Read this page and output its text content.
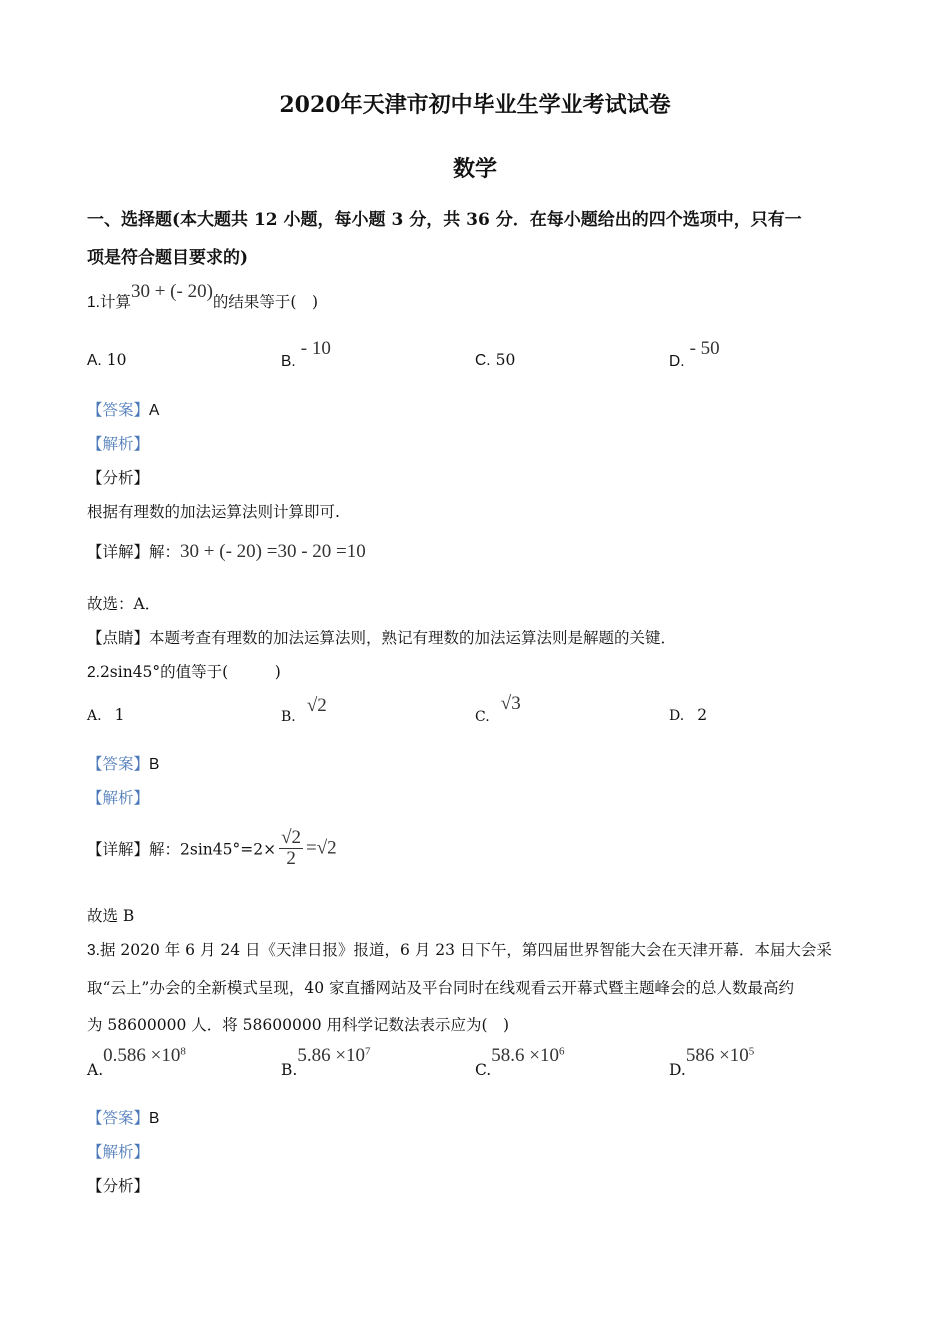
2020年天津市初中毕业生学业考试试卷
数学
一、选择题(本大题共 12 小题，每小题 3 分，共 36 分．在每小题给出的四个选项中，只有一
项是符合题目要求的)
1.计算30 + (- 20)的结果等于(　)
A. 10	B. - 10
C. 50	D. - 50
【答案】A
【解析】
【分析】
根据有理数的加法运算法则计算即可.
【详解】解：30 + (- 20) =30 - 20 =10
故选：A．
【点睛】本题考查有理数的加法运算法则，熟记有理数的加法运算法则是解题的关键．
2.2sin45°的值等于(　　　)
A. 1	B. √2
C. √3
D. 2
【答案】B
【解析】
【详解】解：$2\sin 45^\circ=2\times \frac{√2}{2} =√2$
故选 B
3.据 2020 年 6 月 24 日《天津日报》报道，6 月 23 日下午，第四届世界智能大会在天津开幕．本届大会采
取“云上”办会的全新模式呈现，40 家直播网站及平台同时在线观看云开幕式暨主题峰会的总人数最高约
为 58600000 人．将 58600000 用科学记数法表示应为(　)
$A.0.586 \times 10^8$
$B.5.86 \times 10^7$
$C.58.6 \times 10^6$
$D.586 \times 10^5$
【答案】B
【解析】
【分析】
